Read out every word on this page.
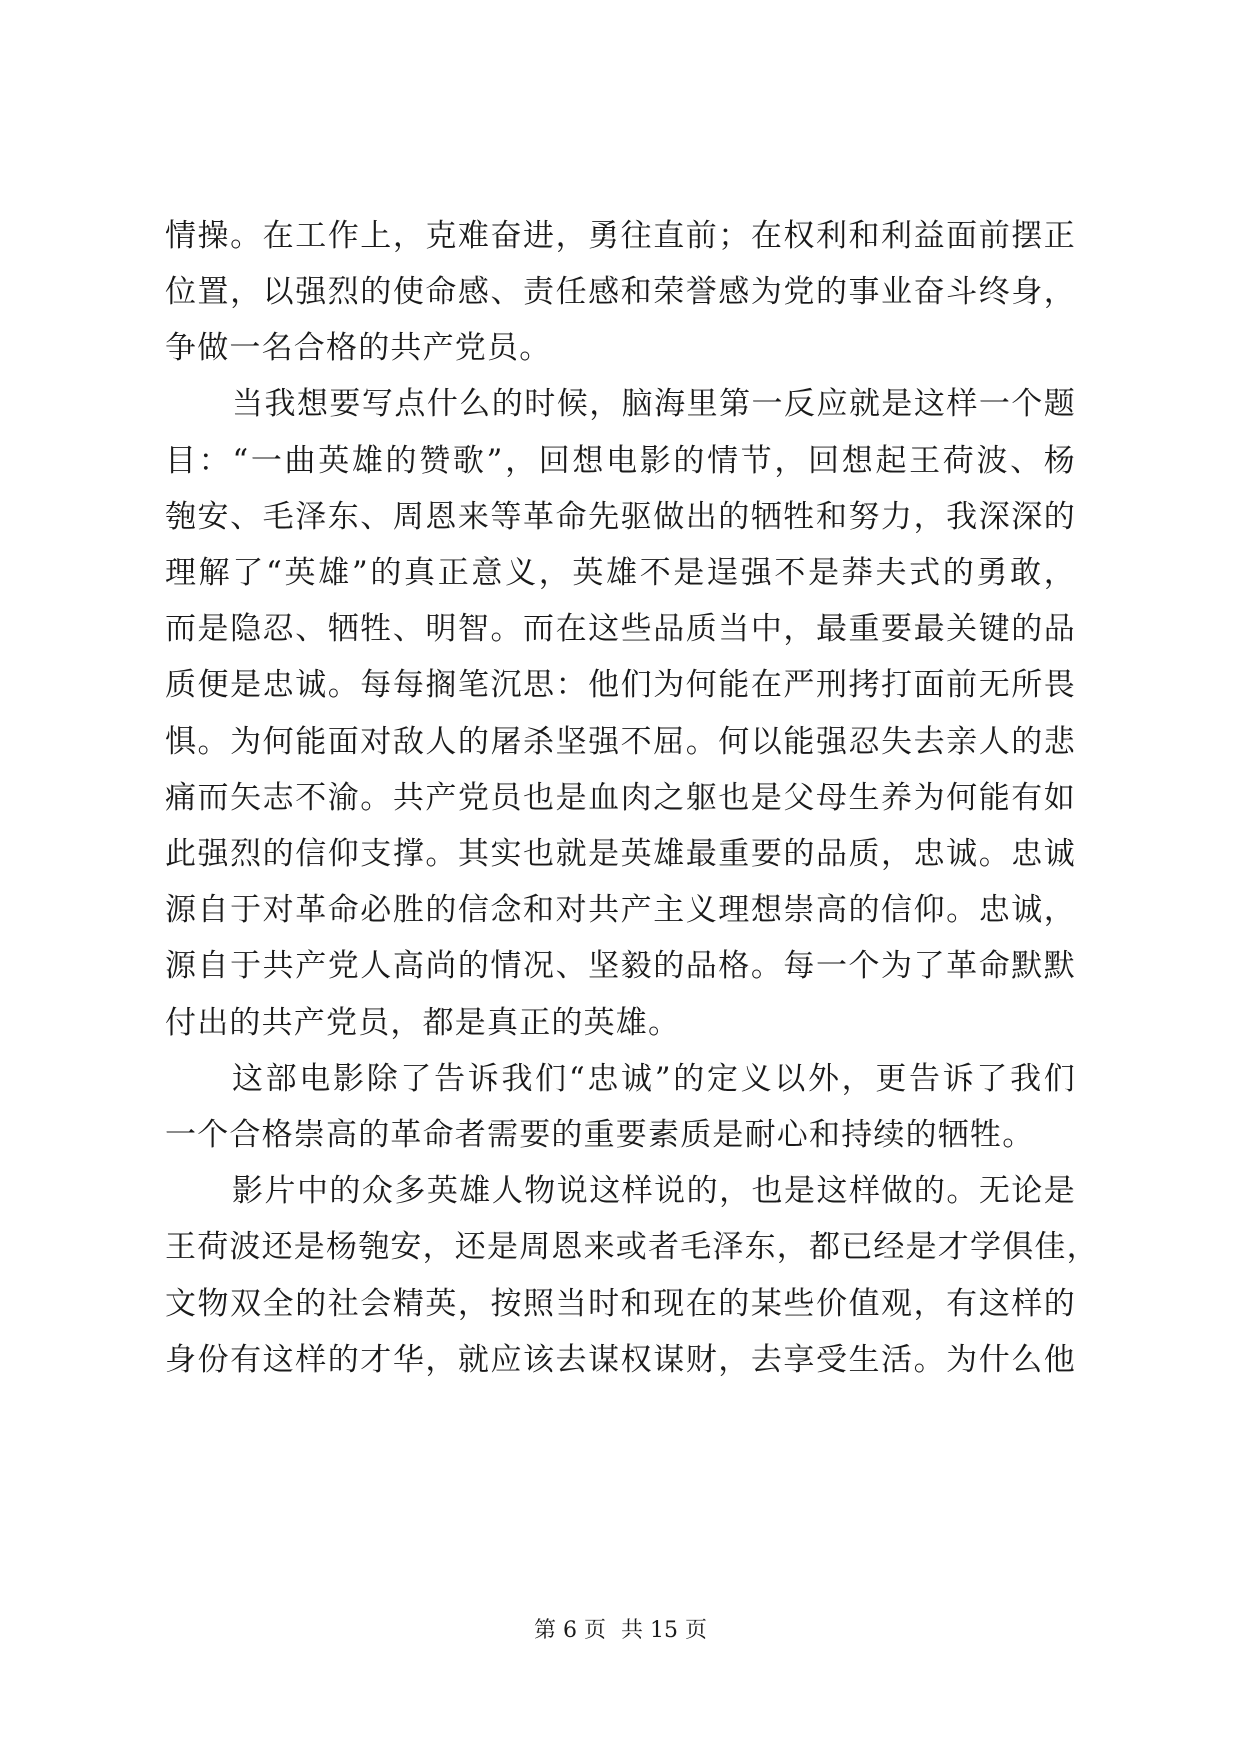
情操。在工作上，克难奋进，勇往直前；在权利和利益面前摆正
位置，以强烈的使命感、责任感和荣誉感为党的事业奋斗终身，
争做一名合格的共产党员。
当我想要写点什么的时候，脑海里第一反应就是这样一个题
目：“一曲英雄的赞歌”，回想电影的情节，回想起王荷波、杨
匏安、毛泽东、周恩来等革命先驱做出的牺牲和努力，我深深的
理解了“英雄”的真正意义，英雄不是逞强不是莽夫式的勇敢，
而是隐忍、牺牲、明智。而在这些品质当中，最重要最关键的品
质便是忠诚。每每搁笔沉思：他们为何能在严刑拷打面前无所畏
惧。为何能面对敌人的屠杀坚强不屈。何以能强忍失去亲人的悲
痛而矢志不渝。共产党员也是血肉之躯也是父母生养为何能有如
此强烈的信仰支撑。其实也就是英雄最重要的品质，忠诚。忠诚
源自于对革命必胜的信念和对共产主义理想崇高的信仰。忠诚，
源自于共产党人高尚的情况、坚毅的品格。每一个为了革命默默
付出的共产党员，都是真正的英雄。
这部电影除了告诉我们“忠诚”的定义以外，更告诉了我们
一个合格崇高的革命者需要的重要素质是耐心和持续的牺牲。
影片中的众多英雄人物说这样说的，也是这样做的。无论是
王荷波还是杨匏安，还是周恩来或者毛泽东，都已经是才学俱佳，
文物双全的社会精英，按照当时和现在的某些价值观，有这样的
身份有这样的才华，就应该去谋权谋财，去享受生活。为什么他
第 6 页 共 15 页
